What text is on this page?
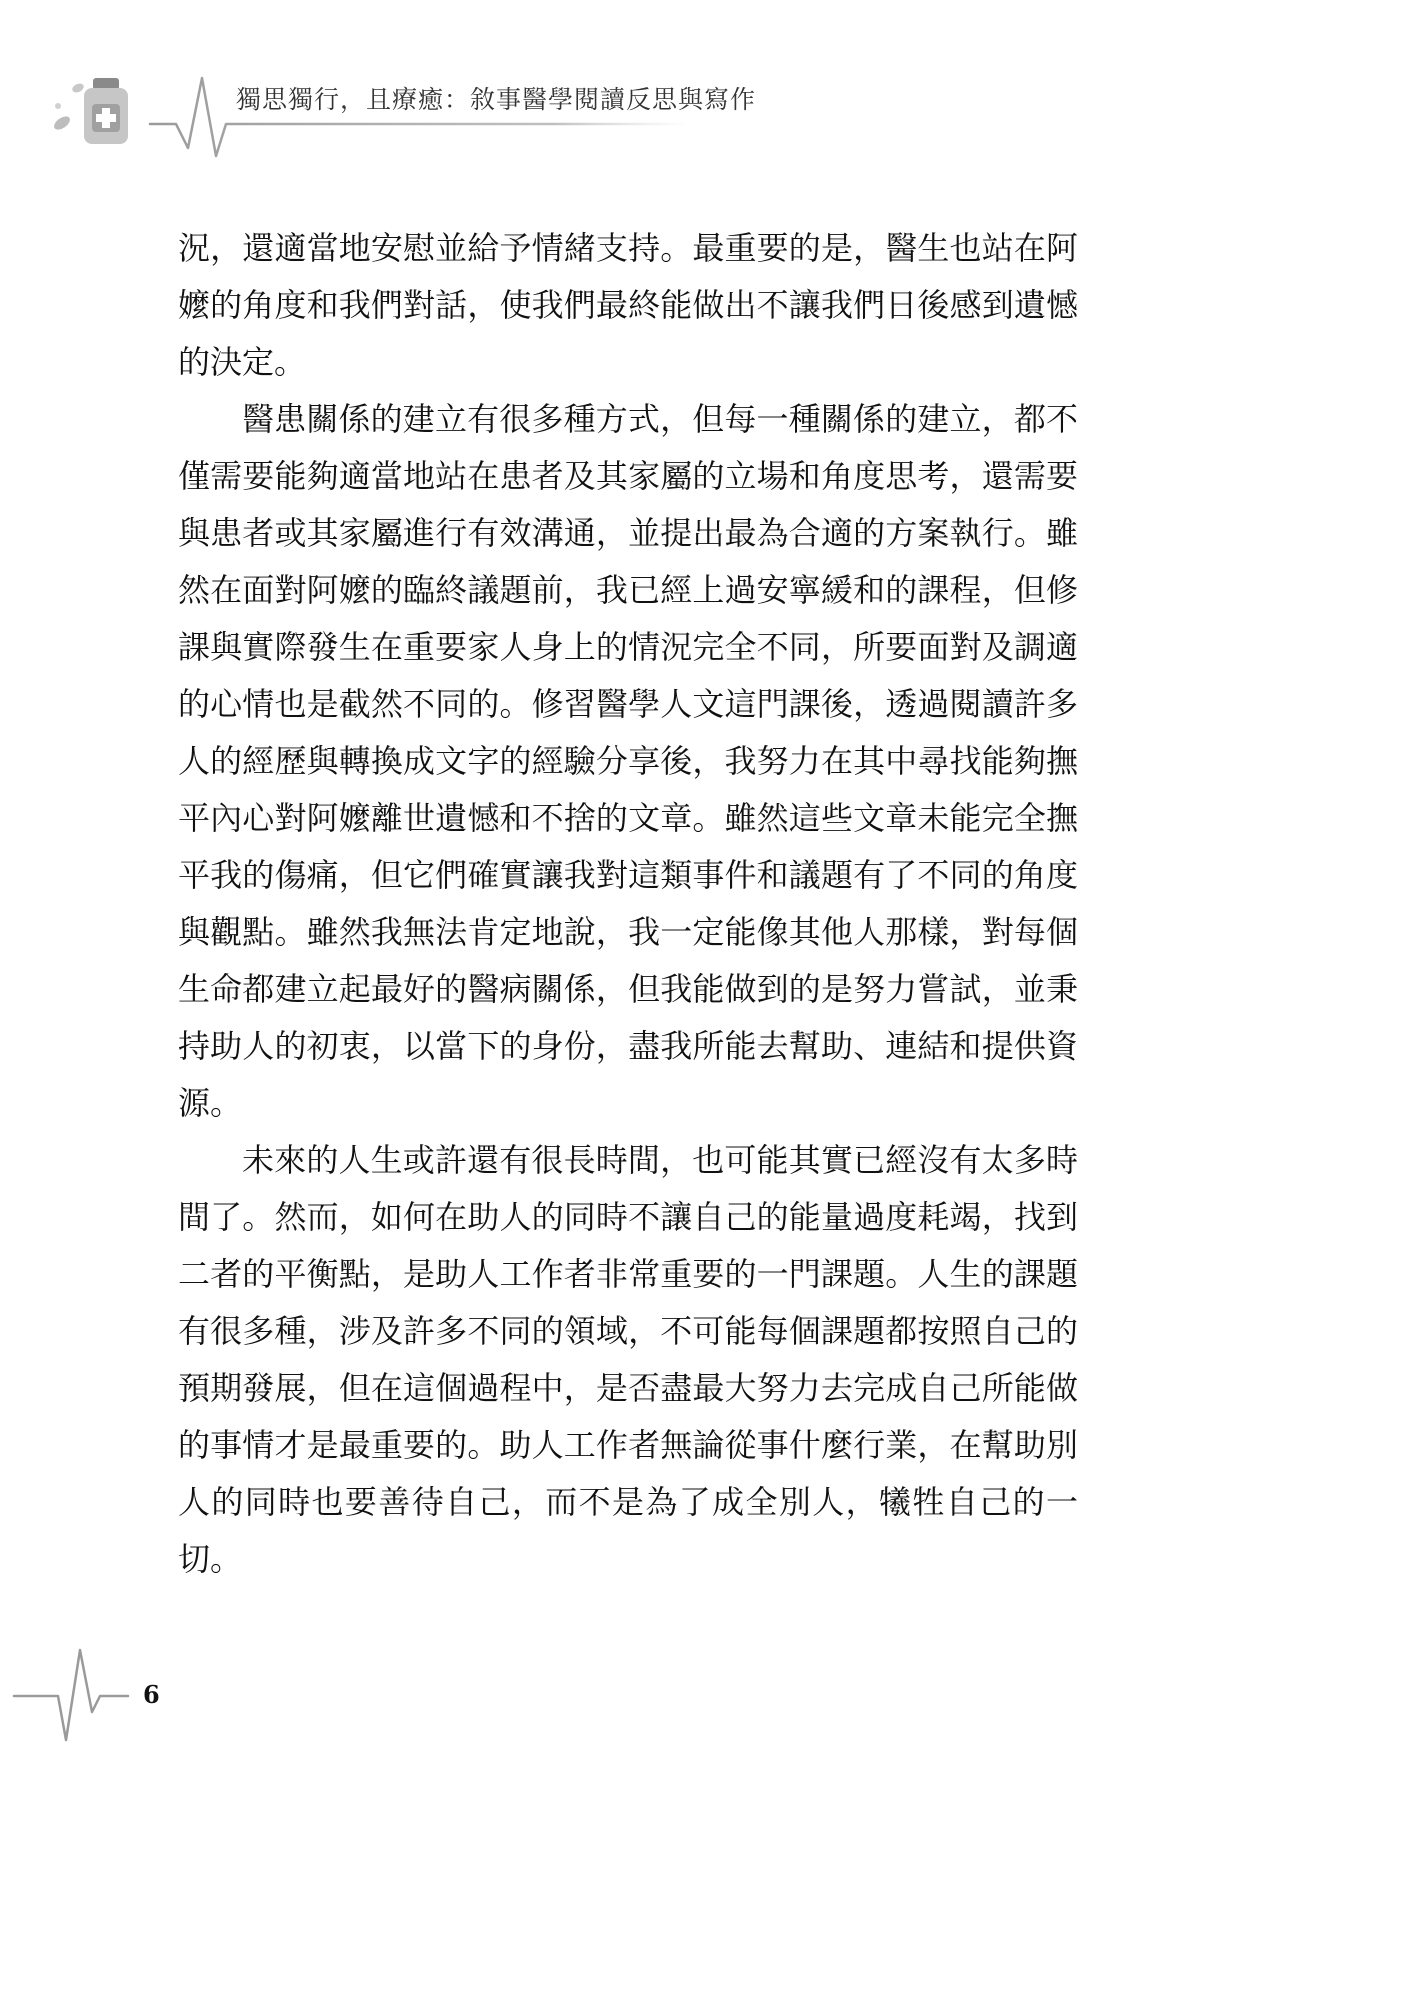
獨思獨行，且療癒：敘事醫學閱讀反思與寫作

況，還適當地安慰並給予情緒支持。最重要的是，醫生也站在阿嬤的角度和我們對話，使我們最終能做出不讓我們日後感到遺憾的決定。

醫患關係的建立有很多種方式，但每一種關係的建立，都不僅需要能夠適當地站在患者及其家屬的立場和角度思考，還需要與患者或其家屬進行有效溝通，並提出最為合適的方案執行。雖然在面對阿嬤的臨終議題前，我已經上過安寧緩和的課程，但修課與實際發生在重要家人身上的情況完全不同，所要面對及調適的心情也是截然不同的。修習醫學人文這門課後，透過閱讀許多人的經歷與轉換成文字的經驗分享後，我努力在其中尋找能夠撫平內心對阿嬤離世遺憾和不捨的文章。雖然這些文章未能完全撫平我的傷痛，但它們確實讓我對這類事件和議題有了不同的角度與觀點。雖然我無法肯定地說，我一定能像其他人那樣，對每個生命都建立起最好的醫病關係，但我能做到的是努力嘗試，並秉持助人的初衷，以當下的身份，盡我所能去幫助、連結和提供資源。

未來的人生或許還有很長時間，也可能其實已經沒有太多時間了。然而，如何在助人的同時不讓自己的能量過度耗竭，找到二者的平衡點，是助人工作者非常重要的一門課題。人生的課題有很多種，涉及許多不同的領域，不可能每個課題都按照自己的預期發展，但在這個過程中，是否盡最大努力去完成自己所能做的事情才是最重要的。助人工作者無論從事什麼行業，在幫助別人的同時也要善待自己，而不是為了成全別人，犧牲自己的一切。

6
